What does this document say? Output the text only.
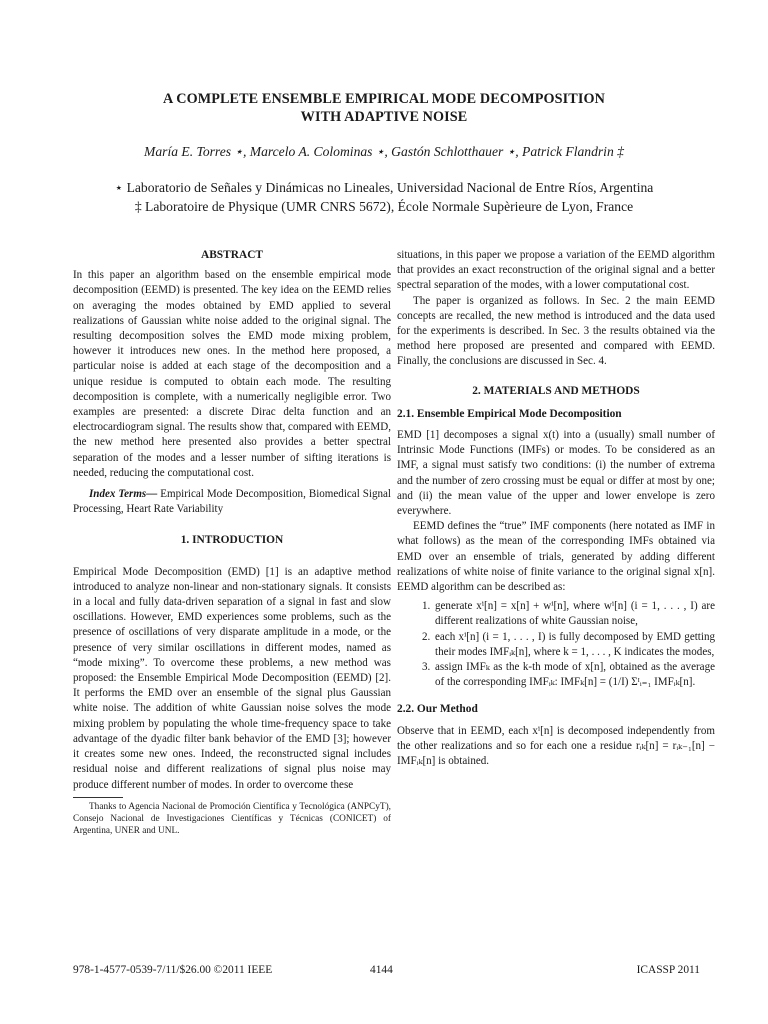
A COMPLETE ENSEMBLE EMPIRICAL MODE DECOMPOSITION
WITH ADAPTIVE NOISE
María E. Torres ⋆, Marcelo A. Colominas ⋆, Gastón Schlotthauer ⋆, Patrick Flandrin ‡
⋆ Laboratorio de Señales y Dinámicas no Lineales, Universidad Nacional de Entre Ríos, Argentina
‡ Laboratoire de Physique (UMR CNRS 5672), École Normale Supèrieure de Lyon, France
ABSTRACT

In this paper an algorithm based on the ensemble empirical mode decomposition (EEMD) is presented. The key idea on the EEMD relies on averaging the modes obtained by EMD applied to several realizations of Gaussian white noise added to the original signal. The resulting decomposition solves the EMD mode mixing problem, however it introduces new ones. In the method here proposed, a particular noise is added at each stage of the decomposition and a unique residue is computed to obtain each mode. The resulting decomposition is complete, with a numerically negligible error. Two examples are presented: a discrete Dirac delta function and an electrocardiogram signal. The results show that, compared with EEMD, the new method here presented also provides a better spectral separation of the modes and a lesser number of sifting iterations is needed, reducing the computational cost.

Index Terms— Empirical Mode Decomposition, Biomedical Signal Processing, Heart Rate Variability

1. INTRODUCTION

Empirical Mode Decomposition (EMD) [1] is an adaptive method introduced to analyze non-linear and non-stationary signals. It consists in a local and fully data-driven separation of a signal in fast and slow oscillations. However, EMD experiences some problems, such as the presence of oscillations of very disparate amplitude in a mode, or the presence of very similar oscillations in different modes, named as “mode mixing”. To overcome these problems, a new method was proposed: the Ensemble Empirical Mode Decomposition (EEMD) [2]. It performs the EMD over an ensemble of the signal plus Gaussian white noise. The addition of white Gaussian noise solves the mode mixing problem by populating the whole time-frequency space to take advantage of the dyadic filter bank behavior of the EMD [3]; however it creates some new ones. Indeed, the reconstructed signal includes residual noise and different realizations of signal plus noise may produce different number of modes. In order to overcome these

Thanks to Agencia Nacional de Promoción Científica y Tecnológica (ANPCyT), Consejo Nacional de Investigaciones Científicas y Técnicas (CONICET) of Argentina, UNER and UNL.

situations, in this paper we propose a variation of the EEMD algorithm that provides an exact reconstruction of the original signal and a better spectral separation of the modes, with a lower computational cost.

The paper is organized as follows. In Sec. 2 the main EEMD concepts are recalled, the new method is introduced and the data used for the experiments is described. In Sec. 3 the results obtained via the method here proposed are presented and compared with EEMD. Finally, the conclusions are discussed in Sec. 4.

2. MATERIALS AND METHODS
2.1. Ensemble Empirical Mode Decomposition

EMD [1] decomposes a signal x(t) into a (usually) small number of Intrinsic Mode Functions (IMFs) or modes. To be considered as an IMF, a signal must satisfy two conditions: (i) the number of extrema and the number of zero crossing must be equal or differ at most by one; and (ii) the mean value of the upper and lower envelope is zero everywhere.

EEMD defines the “true” IMF components (here notated as IMF in what follows) as the mean of the corresponding IMFs obtained via EMD over an ensemble of trials, generated by adding different realizations of white noise of finite variance to the original signal x[n]. EEMD algorithm can be described as:

1. generate xⁱ[n] = x[n] + wⁱ[n], where wⁱ[n] (i = 1, . . . , I) are different realizations of white Gaussian noise,
2. each xⁱ[n] (i = 1, . . . , I) is fully decomposed by EMD getting their modes IMFᵢₖ[n], where k = 1, . . . , K indicates the modes,
3. assign IMFₖ as the k-th mode of x[n], obtained as the average of the corresponding IMFᵢₖ: IMFₖ[n] = (1/I) Σᴵᵢ₌₁ IMFᵢₖ[n].
2.2. Our Method

Observe that in EEMD, each xⁱ[n] is decomposed independently from the other realizations and so for each one a residue rᵢₖ[n] = rᵢₖ₋₁[n] − IMFᵢₖ[n] is obtained.

978-1-4577-0539-7/11/$26.00 ©2011 IEEE	4144	ICASSP 2011
